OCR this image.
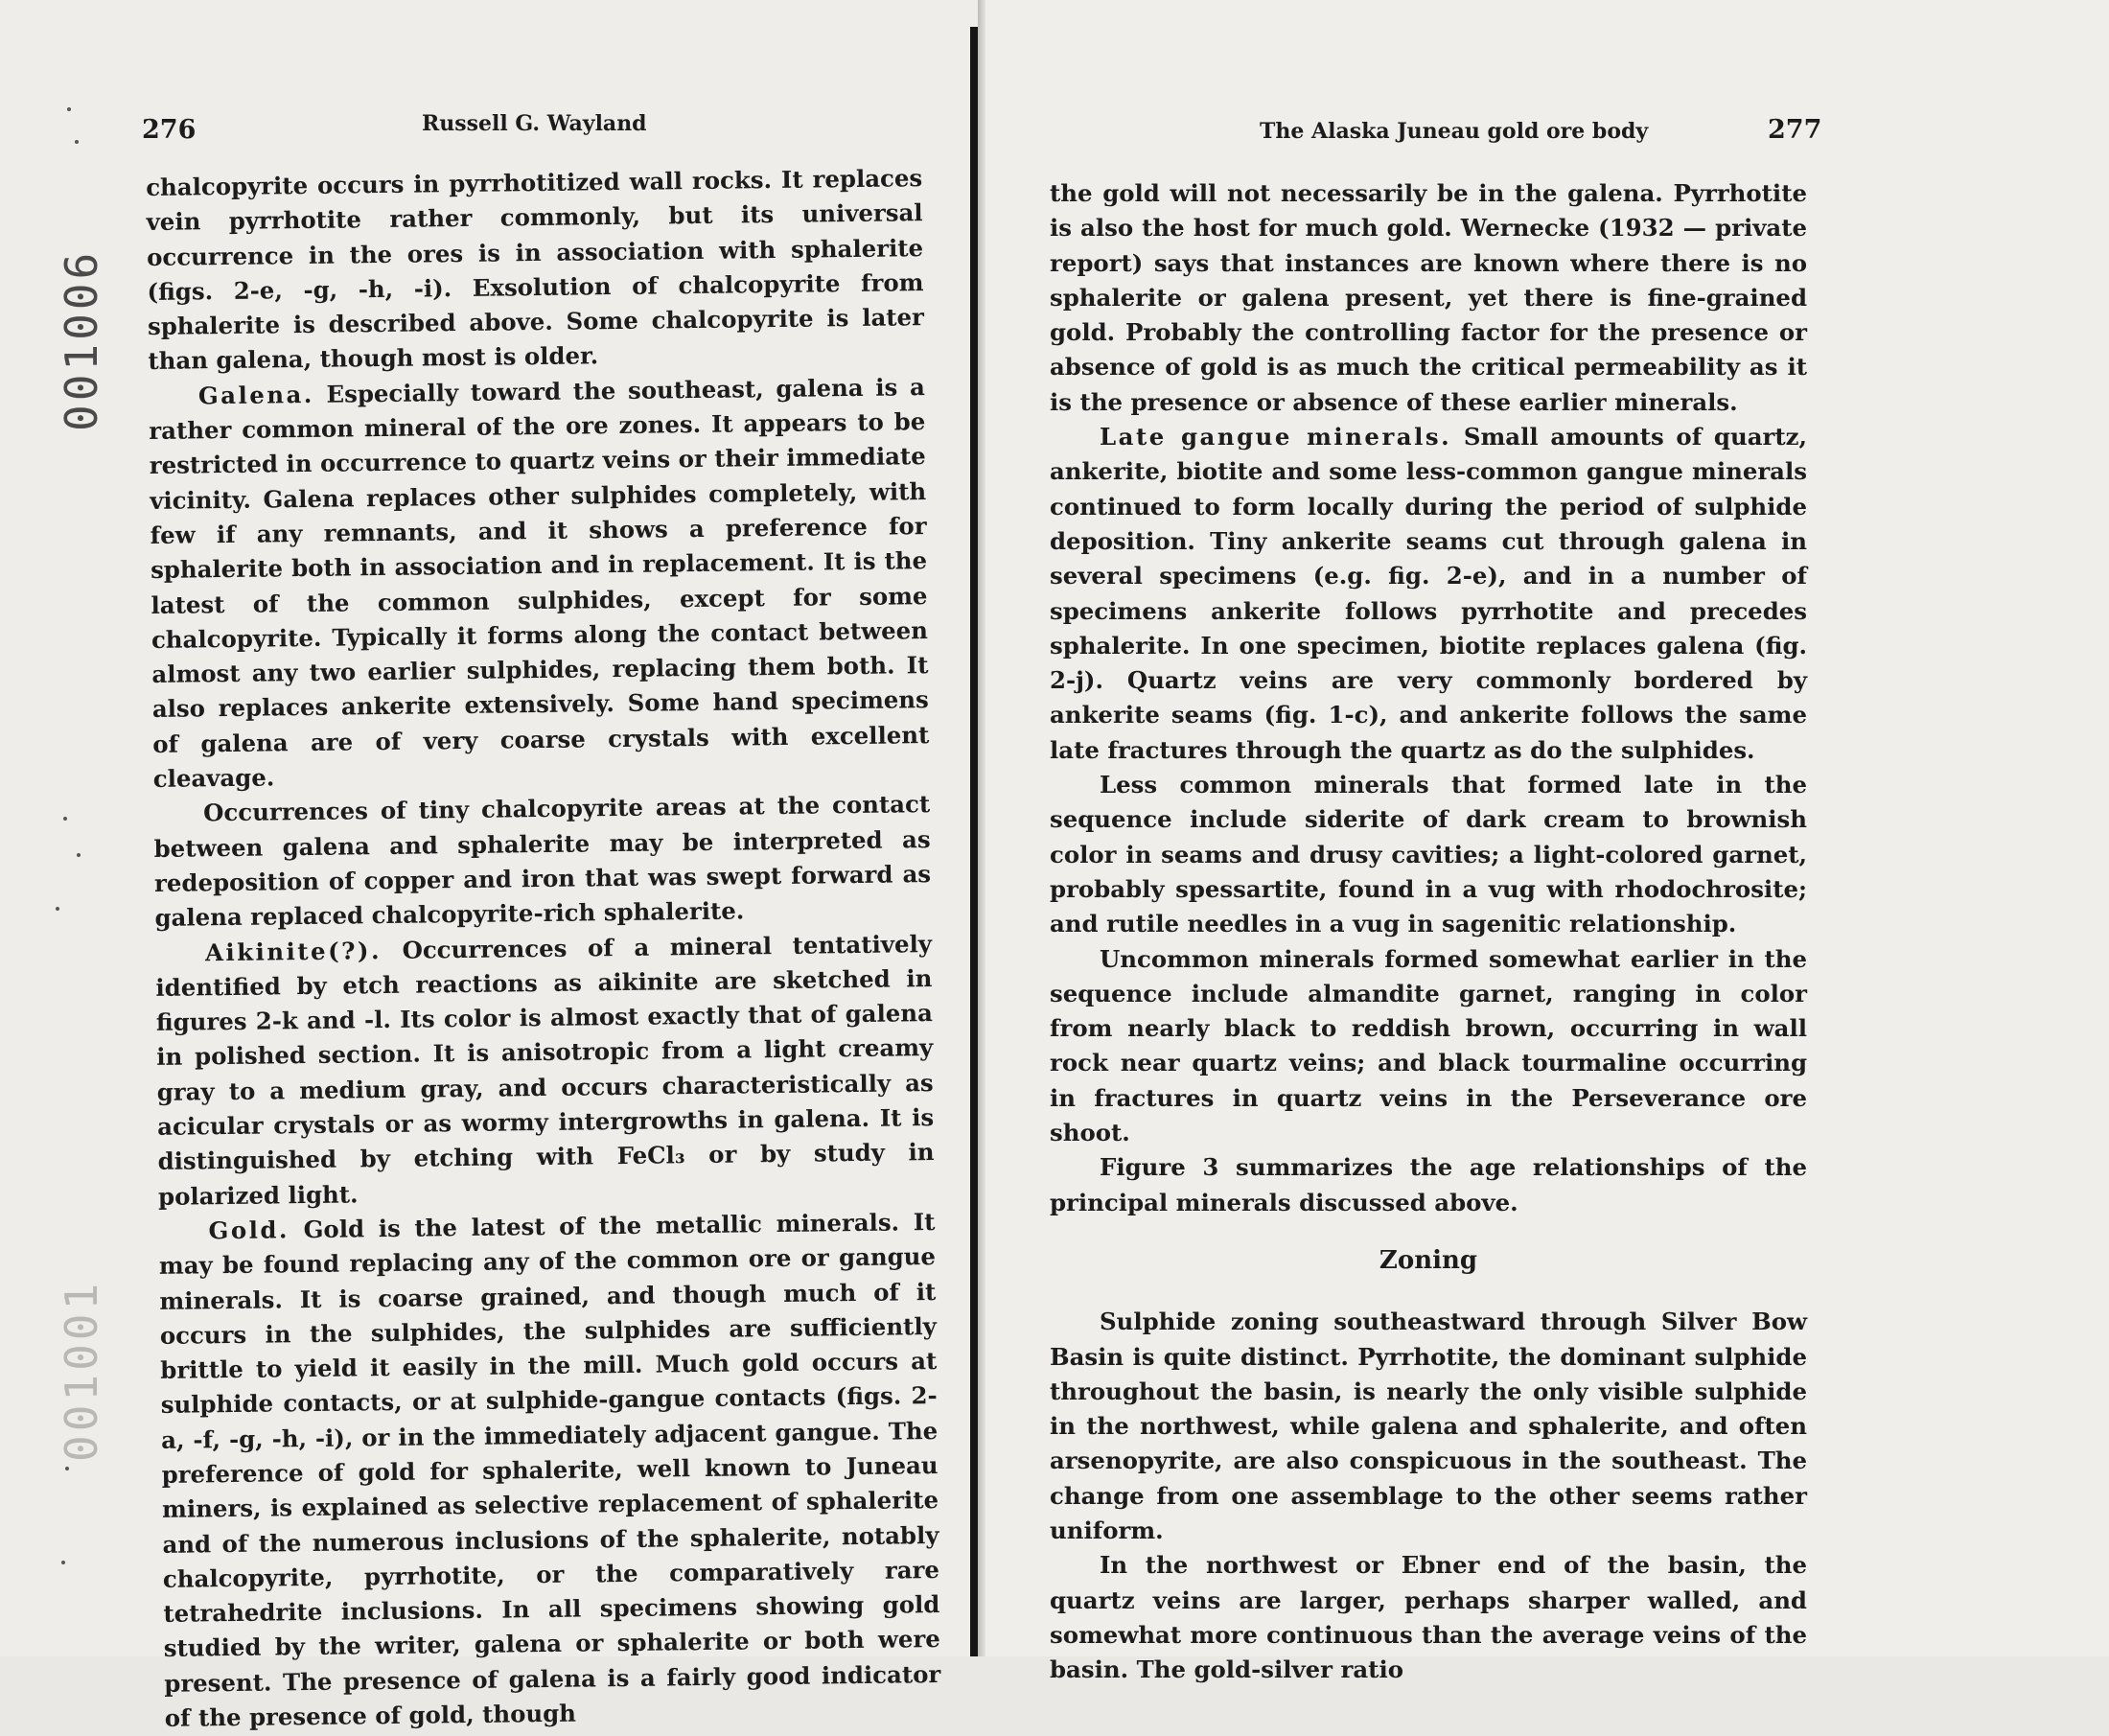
001006
001001
276	Russell G. Wayland

chalcopyrite occurs in pyrrhotitized wall rocks. It replaces vein pyrrhotite rather commonly, but its universal occurrence in the ores is in association with sphalerite (figs. 2-e, -g, -h, -i). Exsolution of chalcopyrite from sphalerite is described above. Some chalcopyrite is later than galena, though most is older.

Galena. Especially toward the southeast, galena is a rather common mineral of the ore zones. It appears to be restricted in occurrence to quartz veins or their immediate vicinity. Galena replaces other sulphides completely, with few if any remnants, and it shows a preference for sphalerite both in association and in replacement. It is the latest of the common sulphides, except for some chalcopyrite. Typically it forms along the contact between almost any two earlier sulphides, replacing them both. It also replaces ankerite extensively. Some hand specimens of galena are of very coarse crystals with excellent cleavage.

Occurrences of tiny chalcopyrite areas at the contact between galena and sphalerite may be interpreted as redeposition of copper and iron that was swept forward as galena replaced chalcopyrite-rich sphalerite.

Aikinite(?). Occurrences of a mineral tentatively identified by etch reactions as aikinite are sketched in figures 2-k and -l. Its color is almost exactly that of galena in polished section. It is anisotropic from a light creamy gray to a medium gray, and occurs characteristically as acicular crystals or as wormy intergrowths in galena. It is distinguished by etching with FeCl₃ or by study in polarized light.

Gold. Gold is the latest of the metallic minerals. It may be found replacing any of the common ore or gangue minerals. It is coarse grained, and though much of it occurs in the sulphides, the sulphides are sufficiently brittle to yield it easily in the mill. Much gold occurs at sulphide contacts, or at sulphide-gangue contacts (figs. 2-a, -f, -g, -h, -i), or in the immediately adjacent gangue. The preference of gold for sphalerite, well known to Juneau miners, is explained as selective replacement of sphalerite and of the numerous inclusions of the sphalerite, notably chalcopyrite, pyrrhotite, or the comparatively rare tetrahedrite inclusions. In all specimens showing gold studied by the writer, galena or sphalerite or both were present. The presence of galena is a fairly good indicator of the presence of gold, though

The Alaska Juneau gold ore body	277

the gold will not necessarily be in the galena. Pyrrhotite is also the host for much gold. Wernecke (1932 — private report) says that instances are known where there is no sphalerite or galena present, yet there is fine-grained gold. Probably the controlling factor for the presence or absence of gold is as much the critical permeability as it is the presence or absence of these earlier minerals.

Late gangue minerals. Small amounts of quartz, ankerite, biotite and some less-common gangue minerals continued to form locally during the period of sulphide deposition. Tiny ankerite seams cut through galena in several specimens (e.g. fig. 2-e), and in a number of specimens ankerite follows pyrrhotite and precedes sphalerite. In one specimen, biotite replaces galena (fig. 2-j). Quartz veins are very commonly bordered by ankerite seams (fig. 1-c), and ankerite follows the same late fractures through the quartz as do the sulphides.

Less common minerals that formed late in the sequence include siderite of dark cream to brownish color in seams and drusy cavities; a light-colored garnet, probably spessartite, found in a vug with rhodochrosite; and rutile needles in a vug in sagenitic relationship.

Uncommon minerals formed somewhat earlier in the sequence include almandite garnet, ranging in color from nearly black to reddish brown, occurring in wall rock near quartz veins; and black tourmaline occurring in fractures in quartz veins in the Perseverance ore shoot.

Figure 3 summarizes the age relationships of the principal minerals discussed above.

Zoning

Sulphide zoning southeastward through Silver Bow Basin is quite distinct. Pyrrhotite, the dominant sulphide throughout the basin, is nearly the only visible sulphide in the northwest, while galena and sphalerite, and often arsenopyrite, are also conspicuous in the southeast. The change from one assemblage to the other seems rather uniform.

In the northwest or Ebner end of the basin, the quartz veins are larger, perhaps sharper walled, and somewhat more continuous than the average veins of the basin. The gold-silver ratio
